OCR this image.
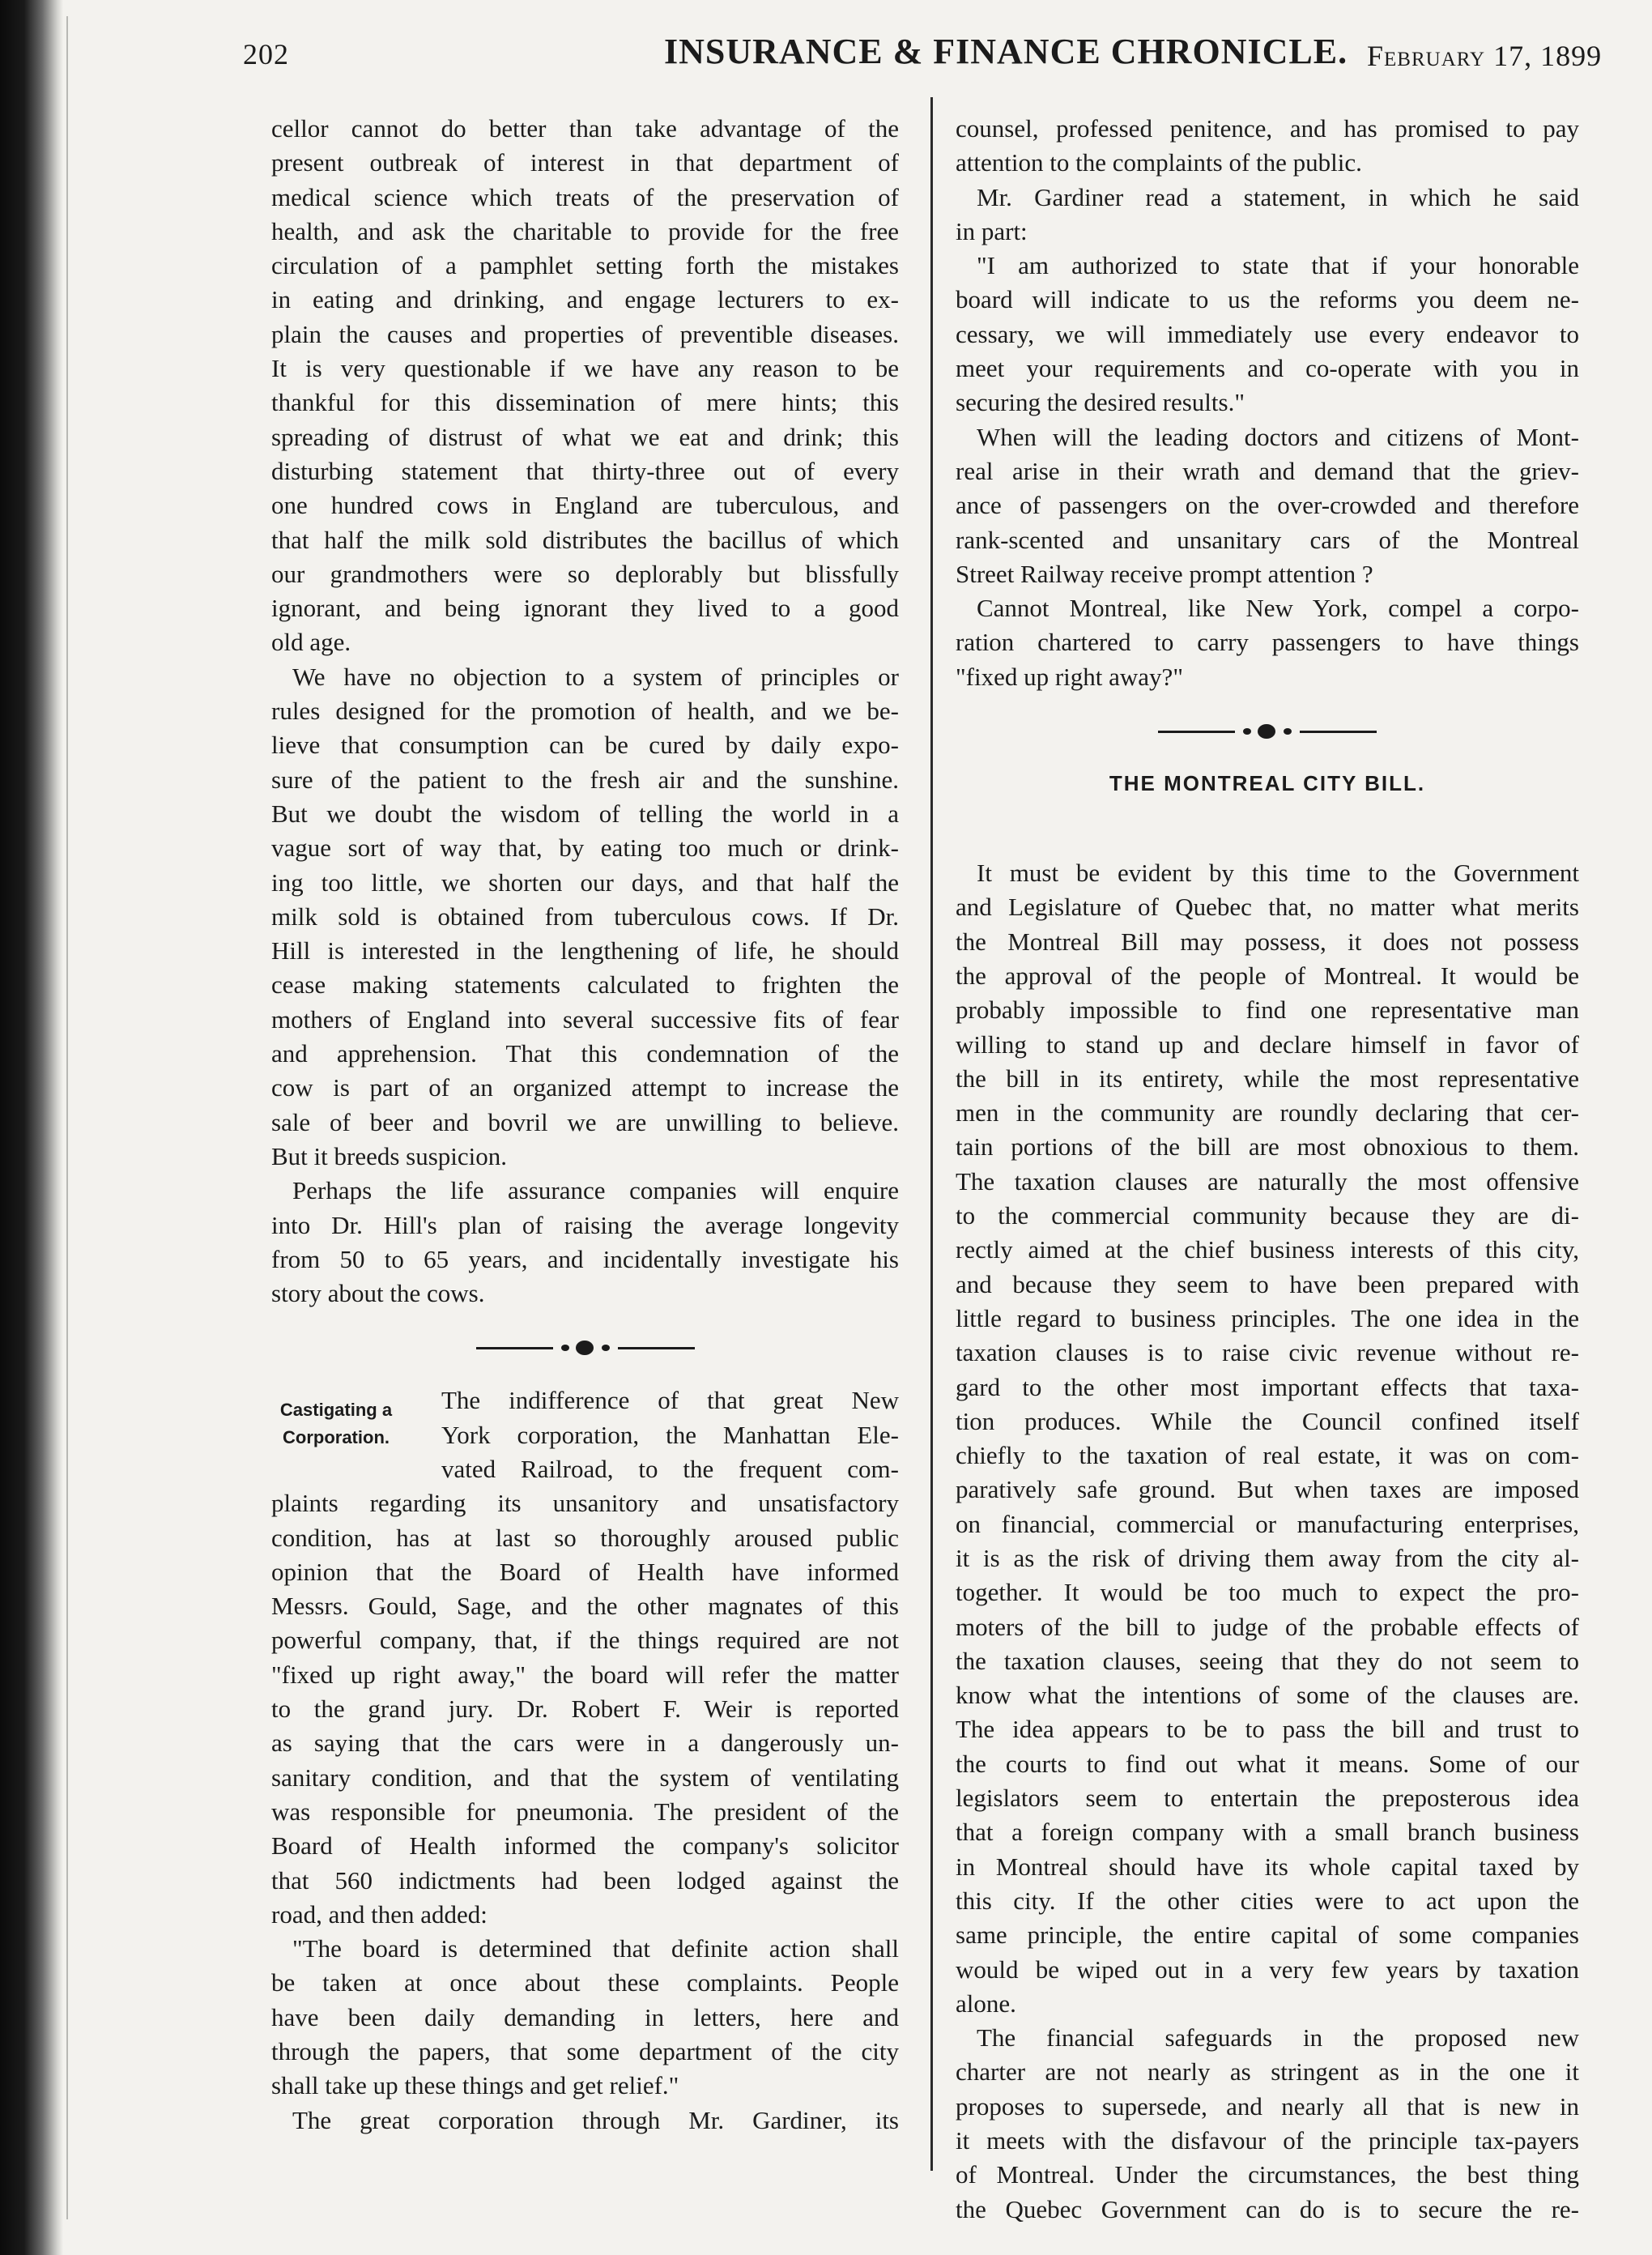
202	INSURANCE & FINANCE CHRONICLE. February 17, 1899
cellor cannot do better than take advantage of the
present outbreak of interest in that department of
medical science which treats of the preservation of
health, and ask the charitable to provide for the free
circulation of a pamphlet setting forth the mistakes
in eating and drinking, and engage lecturers to ex-
plain the causes and properties of preventible diseases.
It is very questionable if we have any reason to be
thankful for this dissemination of mere hints; this
spreading of distrust of what we eat and drink; this
disturbing statement that thirty-three out of every
one hundred cows in England are tuberculous, and
that half the milk sold distributes the bacillus of which
our grandmothers were so deplorably but blissfully
ignorant, and being ignorant they lived to a good
old age.
We have no objection to a system of principles or
rules designed for the promotion of health, and we be-
lieve that consumption can be cured by daily expo-
sure of the patient to the fresh air and the sunshine.
But we doubt the wisdom of telling the world in a
vague sort of way that, by eating too much or drink-
ing too little, we shorten our days, and that half the
milk sold is obtained from tuberculous cows. If Dr.
Hill is interested in the lengthening of life, he should
cease making statements calculated to frighten the
mothers of England into several successive fits of fear
and apprehension. That this condemnation of the
cow is part of an organized attempt to increase the
sale of beer and bovril we are unwilling to believe.
But it breeds suspicion.
Perhaps the life assurance companies will enquire
into Dr. Hill's plan of raising the average longevity
from 50 to 65 years, and incidentally investigate his
story about the cows.
Castigating a Corporation.
The indifference of that great New
York corporation, the Manhattan Ele-
vated Railroad, to the frequent com-
plaints regarding its unsanitory and unsatisfactory
condition, has at last so thoroughly aroused public
opinion that the Board of Health have informed
Messrs. Gould, Sage, and the other magnates of this
powerful company, that, if the things required are not
"fixed up right away," the board will refer the matter
to the grand jury. Dr. Robert F. Weir is reported
as saying that the cars were in a dangerously un-
sanitary condition, and that the system of ventilating
was responsible for pneumonia. The president of the
Board of Health informed the company's solicitor
that 560 indictments had been lodged against the
road, and then added:
"The board is determined that definite action shall
be taken at once about these complaints. People
have been daily demanding in letters, here and
through the papers, that some department of the city
shall take up these things and get relief."
The great corporation through Mr. Gardiner, its
counsel, professed penitence, and has promised to pay
attention to the complaints of the public.
Mr. Gardiner read a statement, in which he said
in part:
"I am authorized to state that if your honorable
board will indicate to us the reforms you deem ne-
cessary, we will immediately use every endeavor to
meet your requirements and co-operate with you in
securing the desired results."
When will the leading doctors and citizens of Mont-
real arise in their wrath and demand that the griev-
ance of passengers on the over-crowded and therefore
rank-scented and unsanitary cars of the Montreal
Street Railway receive prompt attention ?
Cannot Montreal, like New York, compel a corpo-
ration chartered to carry passengers to have things
"fixed up right away?"
THE MONTREAL CITY BILL.
It must be evident by this time to the Government
and Legislature of Quebec that, no matter what merits
the Montreal Bill may possess, it does not possess
the approval of the people of Montreal. It would be
probably impossible to find one representative man
willing to stand up and declare himself in favor of
the bill in its entirety, while the most representative
men in the community are roundly declaring that cer-
tain portions of the bill are most obnoxious to them.
The taxation clauses are naturally the most offensive
to the commercial community because they are di-
rectly aimed at the chief business interests of this city,
and because they seem to have been prepared with
little regard to business principles. The one idea in the
taxation clauses is to raise civic revenue without re-
gard to the other most important effects that taxa-
tion produces. While the Council confined itself
chiefly to the taxation of real estate, it was on com-
paratively safe ground. But when taxes are imposed
on financial, commercial or manufacturing enterprises,
it is as the risk of driving them away from the city al-
together. It would be too much to expect the pro-
moters of the bill to judge of the probable effects of
the taxation clauses, seeing that they do not seem to
know what the intentions of some of the clauses are.
The idea appears to be to pass the bill and trust to
the courts to find out what it means. Some of our
legislators seem to entertain the preposterous idea
that a foreign company with a small branch business
in Montreal should have its whole capital taxed by
this city. If the other cities were to act upon the
same principle, the entire capital of some companies
would be wiped out in a very few years by taxation
alone.
The financial safeguards in the proposed new
charter are not nearly as stringent as in the one it
proposes to supersede, and nearly all that is new in
it meets with the disfavour of the principle tax-payers
of Montreal. Under the circumstances, the best thing
the Quebec Government can do is to secure the re-
